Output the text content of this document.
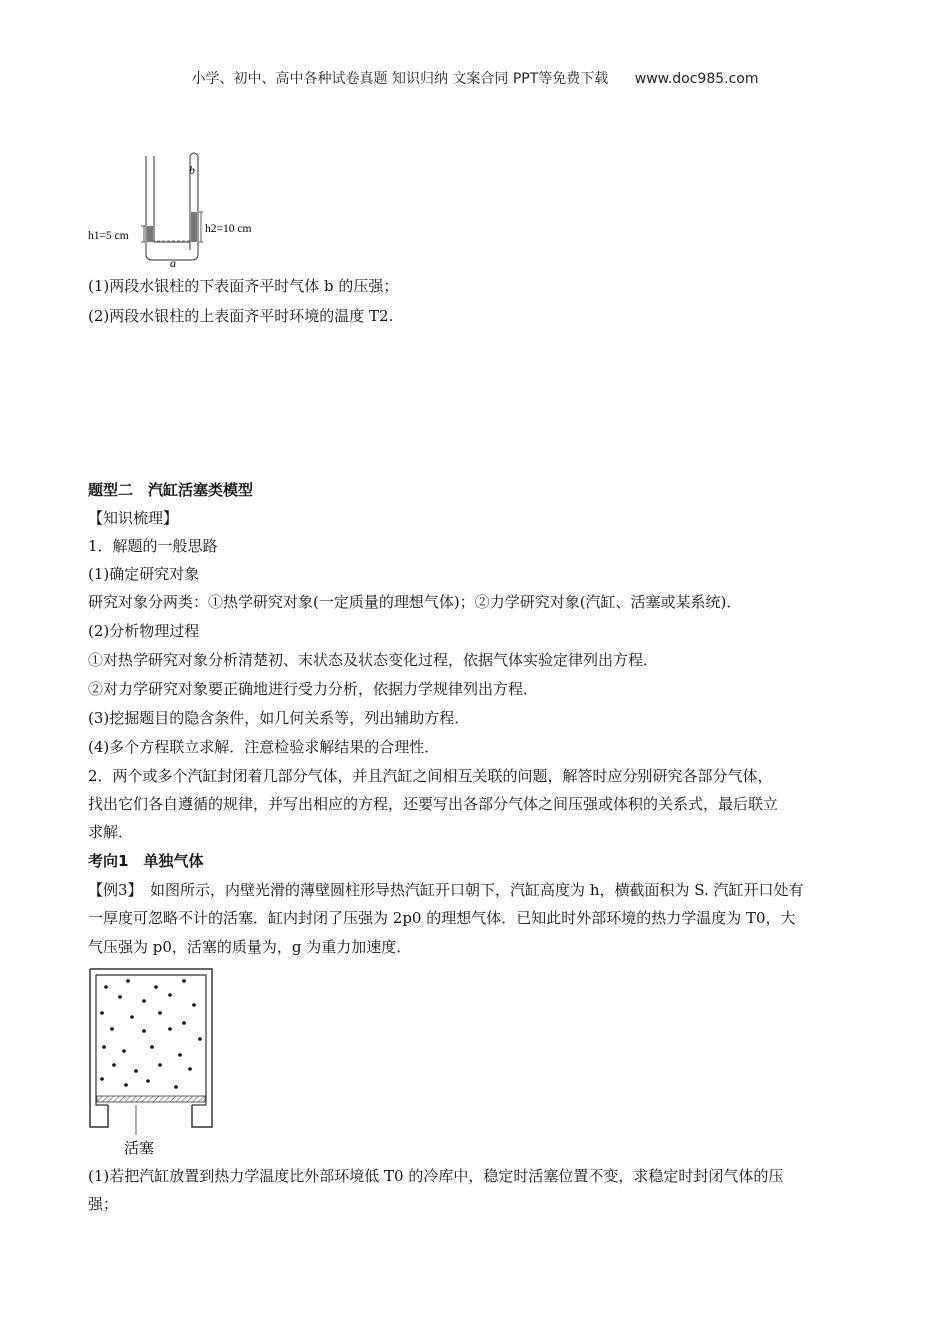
小学、初中、高中各种试卷真题 知识归纳 文案合同 PPT等免费下载 www.doc985.com
b
a
h1=5 cm
h2=10 cm
(1)两段水银柱的下表面齐平时气体 b 的压强；
(2)两段水银柱的上表面齐平时环境的温度 T2.
题型二　汽缸活塞类模型
【知识梳理】
1．解题的一般思路
(1)确定研究对象
研究对象分两类：①热学研究对象(一定质量的理想气体)；②力学研究对象(汽缸、活塞或某系统)．
(2)分析物理过程
①对热学研究对象分析清楚初、末状态及状态变化过程，依据气体实验定律列出方程．
②对力学研究对象要正确地进行受力分析，依据力学规律列出方程．
(3)挖掘题目的隐含条件，如几何关系等，列出辅助方程．
(4)多个方程联立求解．注意检验求解结果的合理性．
2．两个或多个汽缸封闭着几部分气体，并且汽缸之间相互关联的问题，解答时应分别研究各部分气体，
找出它们各自遵循的规律，并写出相应的方程，还要写出各部分气体之间压强或体积的关系式，最后联立
求解．
考向1　单独气体
【例3】　如图所示，内壁光滑的薄壁圆柱形导热汽缸开口朝下，汽缸高度为 h，横截面积为 S. 汽缸开口处有
一厚度可忽略不计的活塞．缸内封闭了压强为 2p0 的理想气体．已知此时外部环境的热力学温度为 T0，大
气压强为 p0，活塞的质量为，g 为重力加速度．
活塞
(1)若把汽缸放置到热力学温度比外部环境低 T0 的冷库中，稳定时活塞位置不变，求稳定时封闭气体的压
强；
